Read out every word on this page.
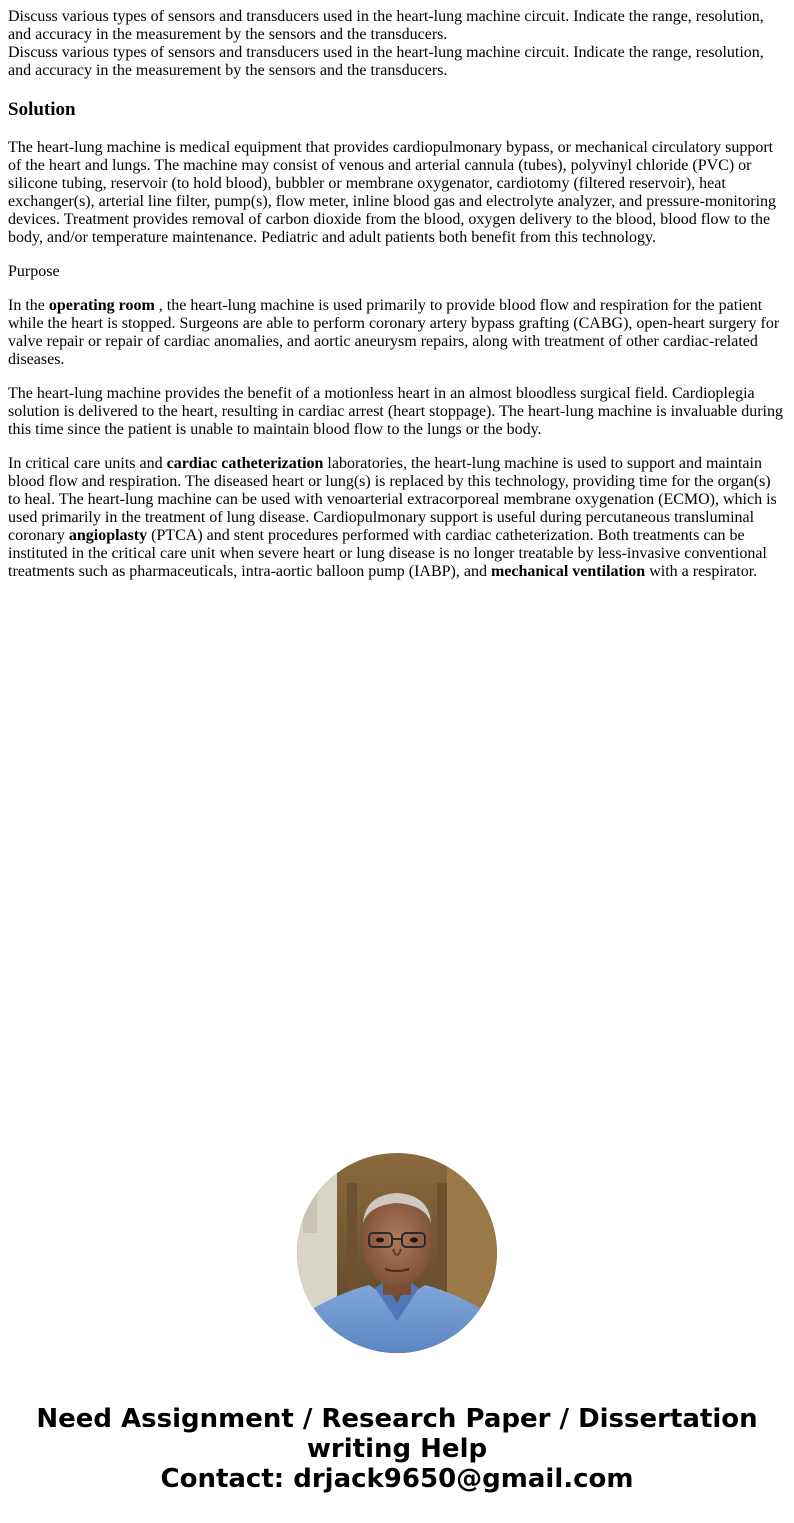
Discuss various types of sensors and transducers used in the heart-lung machine circuit. Indicate the range, resolution, and accuracy in the measurement by the sensors and the transducers.
Discuss various types of sensors and transducers used in the heart-lung machine circuit. Indicate the range, resolution, and accuracy in the measurement by the sensors and the transducers.
Solution

The heart-lung machine is medical equipment that provides cardiopulmonary bypass, or mechanical circulatory support of the heart and lungs. The machine may consist of venous and arterial cannula (tubes), polyvinyl chloride (PVC) or silicone tubing, reservoir (to hold blood), bubbler or membrane oxygenator, cardiotomy (filtered reservoir), heat exchanger(s), arterial line filter, pump(s), flow meter, inline blood gas and electrolyte analyzer, and pressure-monitoring devices. Treatment provides removal of carbon dioxide from the blood, oxygen delivery to the blood, blood flow to the body, and/or temperature maintenance. Pediatric and adult patients both benefit from this technology.

Purpose

In the operating room , the heart-lung machine is used primarily to provide blood flow and respiration for the patient while the heart is stopped. Surgeons are able to perform coronary artery bypass grafting (CABG), open-heart surgery for valve repair or repair of cardiac anomalies, and aortic aneurysm repairs, along with treatment of other cardiac-related diseases.

The heart-lung machine provides the benefit of a motionless heart in an almost bloodless surgical field. Cardioplegia solution is delivered to the heart, resulting in cardiac arrest (heart stoppage). The heart-lung machine is invaluable during this time since the patient is unable to maintain blood flow to the lungs or the body.

In critical care units and cardiac catheterization laboratories, the heart-lung machine is used to support and maintain blood flow and respiration. The diseased heart or lung(s) is replaced by this technology, providing time for the organ(s) to heal. The heart-lung machine can be used with venoarterial extracorporeal membrane oxygenation (ECMO), which is used primarily in the treatment of lung disease. Cardiopulmonary support is useful during percutaneous transluminal coronary angioplasty (PTCA) and stent procedures performed with cardiac catheterization. Both treatments can be instituted in the critical care unit when severe heart or lung disease is no longer treatable by less-invasive conventional treatments such as pharmaceuticals, intra-aortic balloon pump (IABP), and mechanical ventilation with a respirator.

Need Assignment / Research Paper / Dissertation
writing Help
Contact: drjack9650@gmail.com
